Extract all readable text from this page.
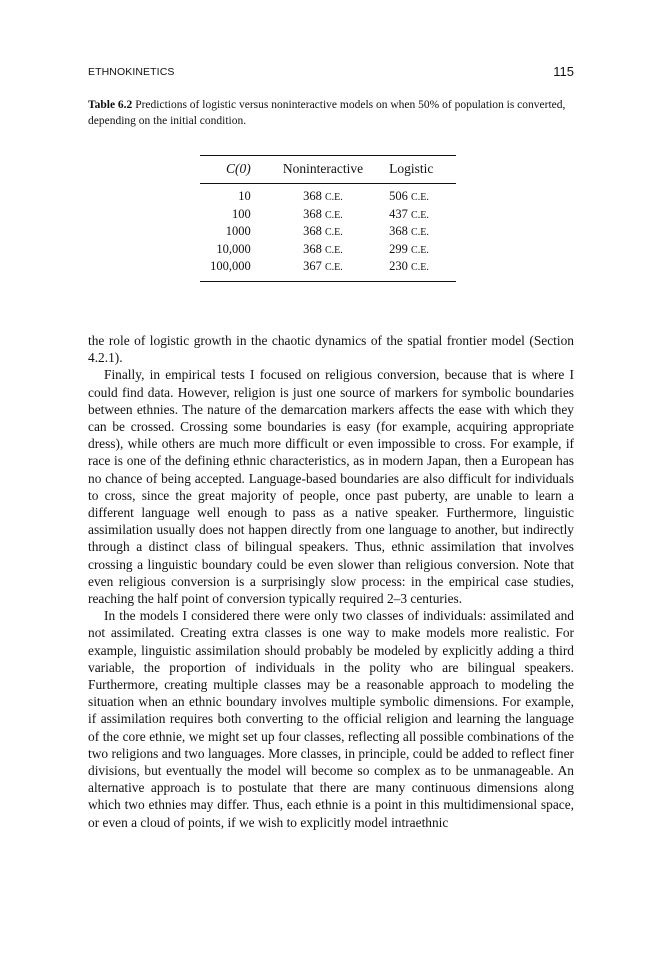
ETHNOKINETICS	115
Table 6.2 Predictions of logistic versus noninteractive models on when 50% of population is converted, depending on the initial condition.
C(0)	Noninteractive	Logistic
10	368 C.E.	506 C.E.
100	368 C.E.	437 C.E.
1000	368 C.E.	368 C.E.
10,000	368 C.E.	299 C.E.
100,000	367 C.E.	230 C.E.

the role of logistic growth in the chaotic dynamics of the spatial frontier model (Section 4.2.1).

Finally, in empirical tests I focused on religious conversion, because that is where I could find data. However, religion is just one source of markers for symbolic boundaries between ethnies. The nature of the demarcation markers affects the ease with which they can be crossed. Crossing some boundaries is easy (for example, acquiring appropriate dress), while others are much more difficult or even impossible to cross. For example, if race is one of the defining ethnic characteristics, as in modern Japan, then a European has no chance of being accepted. Language-based boundaries are also difficult for individuals to cross, since the great majority of people, once past puberty, are unable to learn a different language well enough to pass as a native speaker. Furthermore, linguistic assimilation usually does not happen directly from one language to another, but indirectly through a distinct class of bilingual speakers. Thus, ethnic assimilation that involves crossing a linguistic boundary could be even slower than religious conversion. Note that even religious conversion is a surprisingly slow process: in the empirical case studies, reaching the half point of conversion typically required 2–3 centuries.

In the models I considered there were only two classes of individuals: assimilated and not assimilated. Creating extra classes is one way to make models more realistic. For example, linguistic assimilation should probably be modeled by explicitly adding a third variable, the proportion of individuals in the polity who are bilingual speakers. Furthermore, creating multiple classes may be a reasonable approach to modeling the situation when an ethnic boundary involves multiple symbolic dimensions. For example, if assimilation requires both converting to the official religion and learning the language of the core ethnie, we might set up four classes, reflecting all possible combinations of the two religions and two languages. More classes, in principle, could be added to reflect finer divisions, but eventually the model will become so complex as to be unmanageable. An alternative approach is to postulate that there are many continuous dimensions along which two ethnies may differ. Thus, each ethnie is a point in this multidimensional space, or even a cloud of points, if we wish to explicitly model intraethnic
